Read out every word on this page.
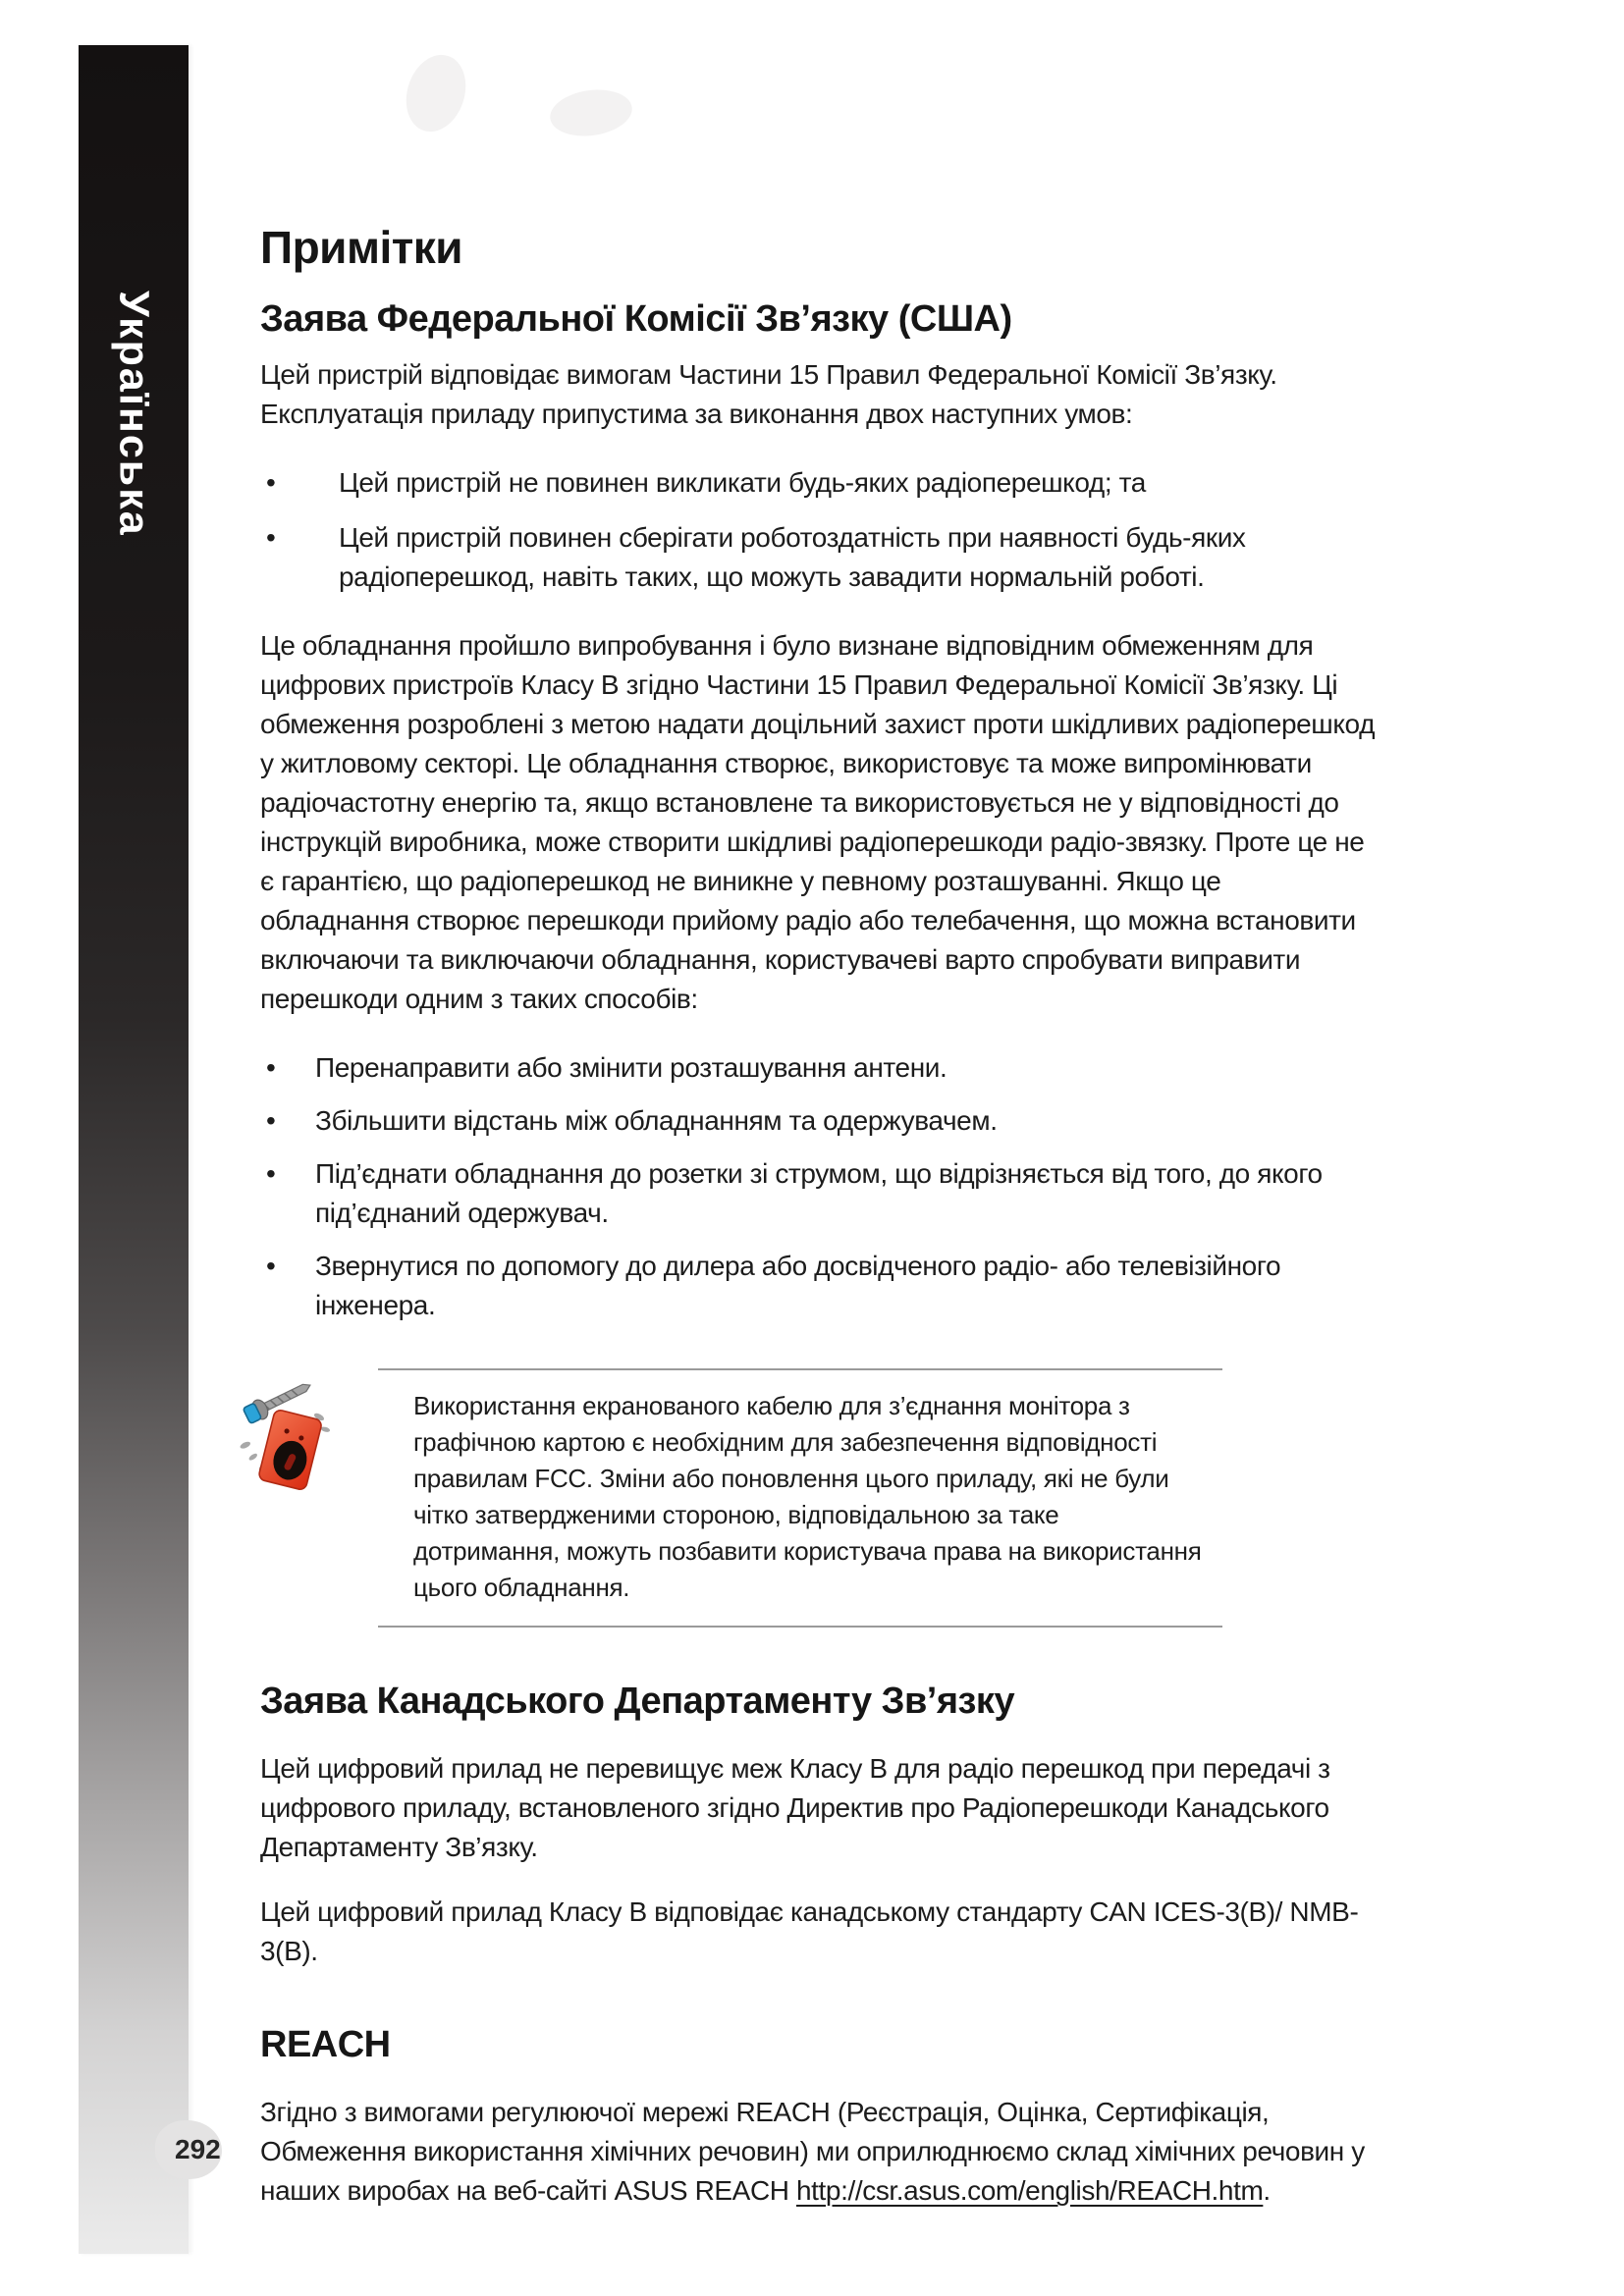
Українська
Примітки
Заява Федеральної Комісії Зв’язку (США)

Цей пристрій відповідає вимогам Частини 15 Правил Федеральної Комісії Зв’язку. Експлуатація приладу припустима за виконання двох наступних умов:

• Цей пристрій не повинен викликати будь-яких радіоперешкод; та
• Цей пристрій повинен сберігати роботоздатність при наявності будь-яких радіоперешкод, навіть таких, що можуть завадити нормальній роботі.

Це обладнання пройшло випробування і було визнане відповідним обмеженням для цифрових пристроїв Класу В згідно Частини 15 Правил Федеральної Комісії Зв’язку. Ці обмеження розроблені з метою надати доцільний захист проти шкідливих радіоперешкод у житловому секторі. Це обладнання створює, використовує та може випромінювати радіочастотну енергію та, якщо встановлене та використовується не у відповідності до інструкцій виробника, може створити шкідливі радіоперешкоди радіо-звязку. Проте це не є гарантією, що радіоперешкод не виникне у певному розташуванні. Якщо це обладнання створює перешкоди прийому радіо або телебачення, що можна встановити включаючи та виключаючи обладнання, користувачеві варто спробувати виправити перешкоди одним з таких способів:

• Перенаправити або змінити розташування антени.
• Збільшити відстань між обладнанням та одержувачем.
• Під’єднати обладнання до розетки зі струмом, що відрізняється від того, до якого під’єднаний одержувач.
• Звернутися по допомогу до дилера або досвідченого радіо- або телевізійного інженера.
Використання екранованого кабелю для з’єднання монітора з графічною картою є необхідним для забезпечення відповідності правилам FCC. Зміни або поновлення цього приладу, які не були чітко затвердженими стороною, відповідальною за таке дотримання, можуть позбавити користувача права на використання цього обладнання.
Заява Канадського Департаменту Зв’язку

Цей цифровий прилад не перевищує меж Класу В для радіо перешкод при передачі з цифрового приладу, встановленого згідно Директив про Радіоперешкоди Канадського Департаменту Зв’язку.

Цей цифровий прилад Класу В відповідає канадському стандарту CAN ICES-3(B)/ NMB-3(B).

REACH

Згідно з вимогами регулюючої мережі REACH (Реєстрація, Оцінка, Сертифікація, Обмеження використання хімічних речовин) ми оприлюднюємо склад хімічних речовин у наших виробах на веб-сайті ASUS REACH http://csr.asus.com/english/REACH.htm.

292
